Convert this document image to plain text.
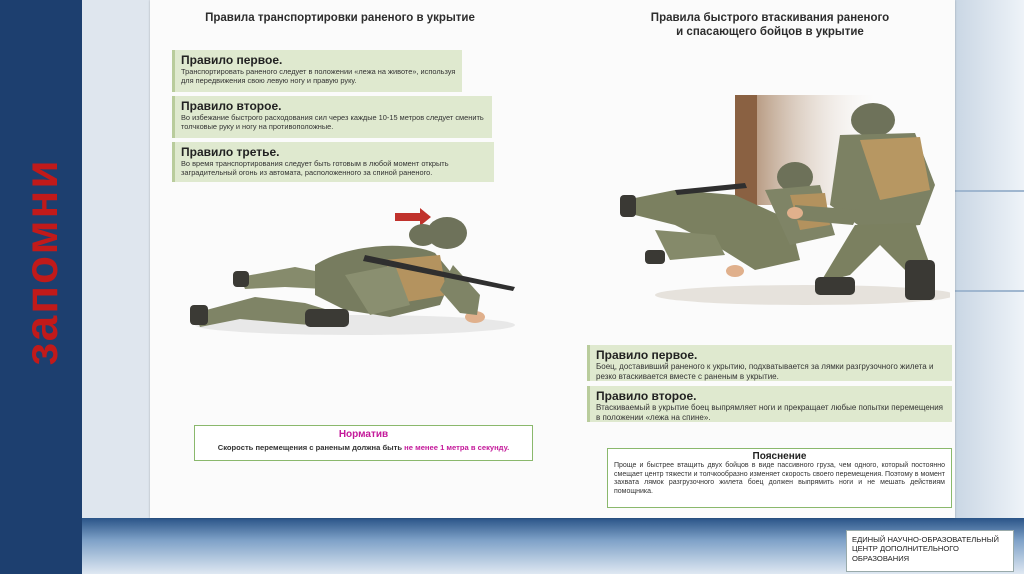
запомни
Правила транспортировки раненого в укрытие
Правило первое.
Транспортировать раненого следует в положении «лежа на животе», используя для передвижения свою левую ногу и правую руку.
Правило второе.
Во избежание быстрого расходования сил через каждые 10-15 метров следует сменить толчковые руку и ногу на противоположные.
Правило третье.
Во время транспортирования следует быть готовым в любой момент открыть заградительный огонь из автомата, расположенного за спиной раненого.
Норматив
Скорость перемещения с раненым должна быть не менее 1 метра в секунду.
Правила быстрого втаскивания раненого
и спасающего бойцов в укрытие
Правило первое.
Боец, доставивший раненого к укрытию, подхватывается за лямки разгрузочного жилета и резко втаскивается вместе с раненым в укрытие.
Правило второе.
Втаскиваемый в укрытие боец выпрямляет ноги и прекращает любые попытки перемещения в положении «лежа на спине».
Пояснение
Проще и быстрее втащить двух бойцов в виде пассивного груза, чем одного, который постоянно смещает центр тяжести и толчкообразно изменяет скорость своего перемещения. Поэтому в момент захвата лямок разгрузочного жилета боец должен выпрямить ноги и не мешать действиям помощника.
ЕДИНЫЙ НАУЧНО-ОБРАЗОВАТЕЛЬНЫЙ
ЦЕНТР ДОПОЛНИТЕЛЬНОГО
ОБРАЗОВАНИЯ
